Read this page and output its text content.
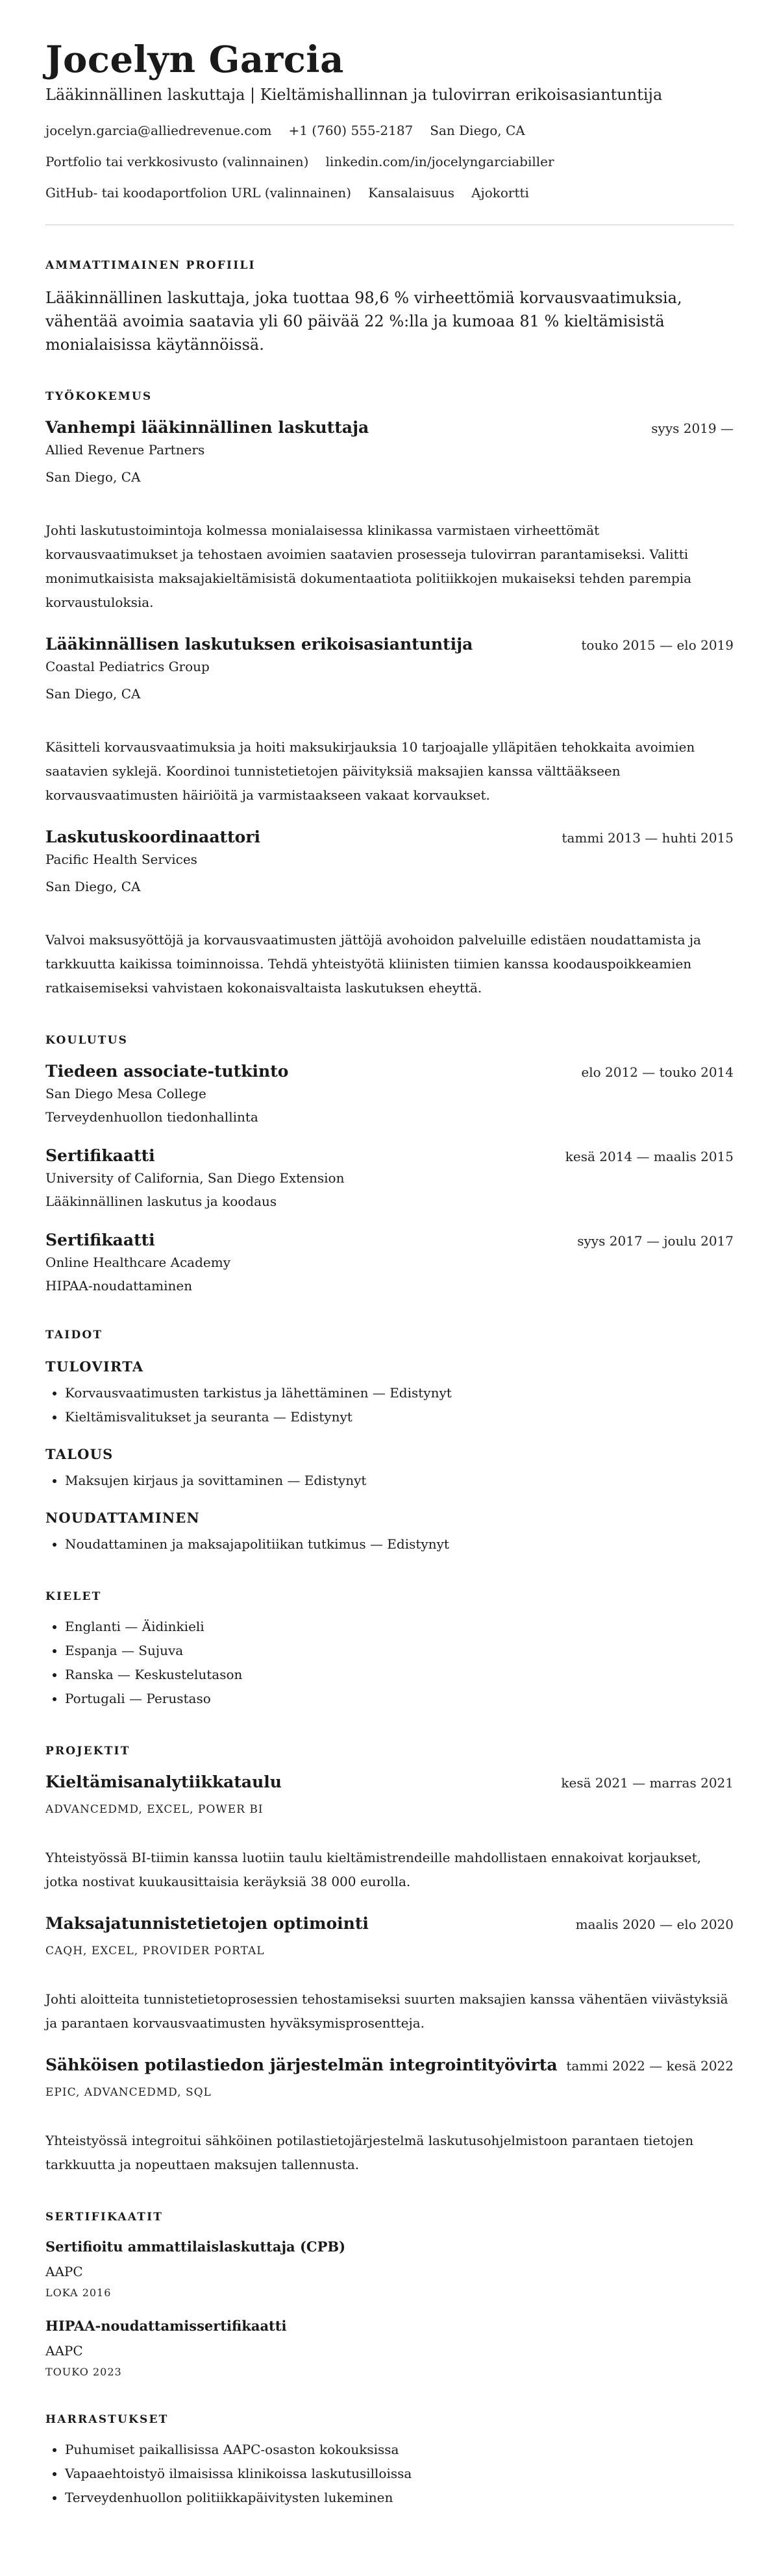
Jocelyn Garcia
Lääkinnällinen laskuttaja | Kieltämishallinnan ja tulovirran erikoisasiantuntija
jocelyn.garcia@alliedrevenue.com +1 (760) 555-2187 San Diego, CA
Portfolio tai verkkosivusto (valinnainen) linkedin.com/in/jocelyngarciabiller
GitHub- tai koodaportfolion URL (valinnainen) Kansalaisuus Ajokortti
AMMATTIMAINEN PROFIILI
Lääkinnällinen laskuttaja, joka tuottaa 98,6 % virheettömiä korvausvaatimuksia, vähentää avoimia saatavia yli 60 päivää 22 %:lla ja kumoaa 81 % kieltämisistä monialaisissa käytännöissä.
TYÖKOKEMUS
Vanhempi lääkinnällinen laskuttaja	syys 2019 —
Allied Revenue Partners
San Diego, CA
Johti laskutustoimintoja kolmessa monialaisessa klinikassa varmistaen virheettömät korvausvaatimukset ja tehostaen avoimien saatavien prosesseja tulovirran parantamiseksi. Valitti monimutkaisista maksajakieltämisistä dokumentaatiota politiikkojen mukaiseksi tehden parempia korvaustuloksia.
Lääkinnällisen laskutuksen erikoisasiantuntija	touko 2015 — elo 2019
Coastal Pediatrics Group
San Diego, CA
Käsitteli korvausvaatimuksia ja hoiti maksukirjauksia 10 tarjoajalle ylläpitäen tehokkaita avoimien saatavien syklejä. Koordinoi tunnistetietojen päivityksiä maksajien kanssa välttääkseen korvausvaatimusten häiriöitä ja varmistaakseen vakaat korvaukset.
Laskutuskoordinaattori	tammi 2013 — huhti 2015
Pacific Health Services
San Diego, CA
Valvoi maksusyöttöjä ja korvausvaatimusten jättöjä avohoidon palveluille edistäen noudattamista ja tarkkuutta kaikissa toiminnoissa. Tehdä yhteistyötä kliinisten tiimien kanssa koodauspoikkeamien ratkaisemiseksi vahvistaen kokonaisvaltaista laskutuksen eheyttä.
KOULUTUS
Tiedeen associate-tutkinto	elo 2012 — touko 2014
San Diego Mesa College
Terveydenhuollon tiedonhallinta
Sertifikaatti	kesä 2014 — maalis 2015
University of California, San Diego Extension
Lääkinnällinen laskutus ja koodaus
Sertifikaatti	syys 2017 — joulu 2017
Online Healthcare Academy
HIPAA-noudattaminen
TAIDOT
TULOVIRTA
• Korvausvaatimusten tarkistus ja lähettäminen — Edistynyt
• Kieltämisvalitukset ja seuranta — Edistynyt
TALOUS
• Maksujen kirjaus ja sovittaminen — Edistynyt
NOUDATTAMINEN
• Noudattaminen ja maksajapolitiikan tutkimus — Edistynyt
KIELET
• Englanti — Äidinkieli
• Espanja — Sujuva
• Ranska — Keskustelutason
• Portugali — Perustaso
PROJEKTIT
Kieltämisanalytiikkataulu	kesä 2021 — marras 2021
ADVANCEDMD, EXCEL, POWER BI
Yhteistyössä BI-tiimin kanssa luotiin taulu kieltämistrendeille mahdollistaen ennakoivat korjaukset, jotka nostivat kuukausittaisia keräyksiä 38 000 eurolla.
Maksajatunnistetietojen optimointi	maalis 2020 — elo 2020
CAQH, EXCEL, PROVIDER PORTAL
Johti aloitteita tunnistetietoprosessien tehostamiseksi suurten maksajien kanssa vähentäen viivästyksiä ja parantaen korvausvaatimusten hyväksymisprosentteja.
Sähköisen potilastiedon järjestelmän integrointityövirta tammi 2022 — kesä 2022
EPIC, ADVANCEDMD, SQL
Yhteistyössä integroitui sähköinen potilastietojärjestelmä laskutusohjelmistoon parantaen tietojen tarkkuutta ja nopeuttaen maksujen tallennusta.
SERTIFIKAATIT
Sertifioitu ammattilaislaskuttaja (CPB)
AAPC
LOKA 2016
HIPAA-noudattamissertifikaatti
AAPC
TOUKO 2023
HARRASTUKSET
• Puhumiset paikallisissa AAPC-osaston kokouksissa
• Vapaaehtoistyö ilmaisissa klinikoissa laskutusilloissa
• Terveydenhuollon politiikkapäivitysten lukeminen
